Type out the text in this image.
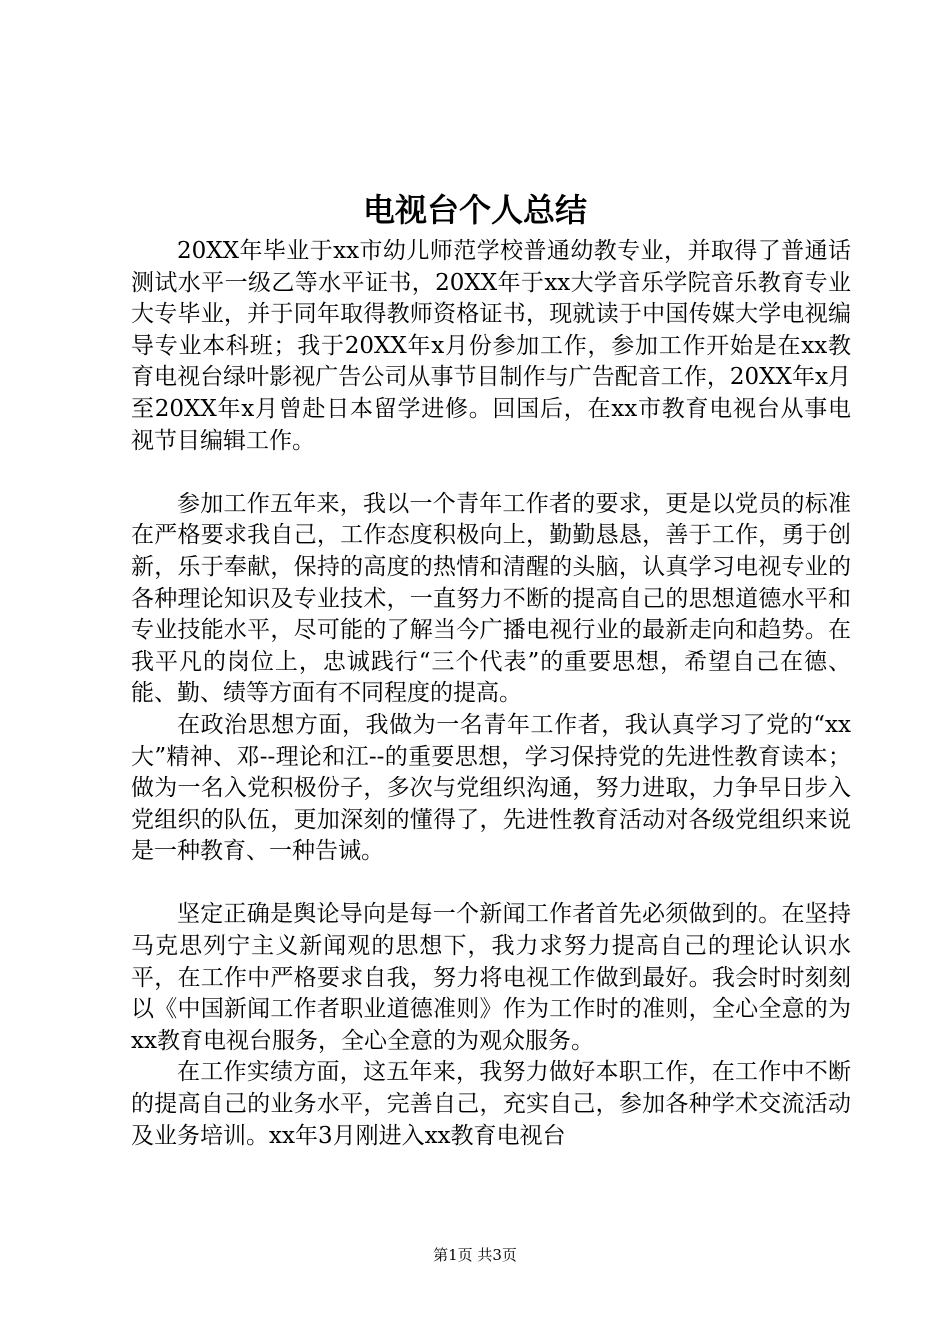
电视台个人总结

20XX年毕业于xx市幼儿师范学校普通幼教专业，并取得了普通话测试水平一级乙等水平证书，20XX年于xx大学音乐学院音乐教育专业大专毕业，并于同年取得教师资格证书，现就读于中国传媒大学电视编导专业本科班；我于20XX年x月份参加工作，参加工作开始是在xx教育电视台绿叶影视广告公司从事节目制作与广告配音工作，20XX年x月至20XX年x月曾赴日本留学进修。回国后，在xx市教育电视台从事电视节目编辑工作。

参加工作五年来，我以一个青年工作者的要求，更是以党员的标准在严格要求我自己，工作态度积极向上，勤勤恳恳，善于工作，勇于创新，乐于奉献，保持的高度的热情和清醒的头脑，认真学习电视专业的各种理论知识及专业技术，一直努力不断的提高自己的思想道德水平和专业技能水平，尽可能的了解当今广播电视行业的最新走向和趋势。在我平凡的岗位上，忠诚践行“三个代表”的重要思想，希望自己在德、能、勤、绩等方面有不同程度的提高。

在政治思想方面，我做为一名青年工作者，我认真学习了党的“xx大”精神、邓--理论和江--的重要思想，学习保持党的先进性教育读本；做为一名入党积极份子，多次与党组织沟通，努力进取，力争早日步入党组织的队伍，更加深刻的懂得了，先进性教育活动对各级党组织来说是一种教育、一种告诫。

坚定正确是舆论导向是每一个新闻工作者首先必须做到的。在坚持马克思列宁主义新闻观的思想下，我力求努力提高自己的理论认识水平，在工作中严格要求自我，努力将电视工作做到最好。我会时时刻刻以《中国新闻工作者职业道德准则》作为工作时的准则，全心全意的为xx教育电视台服务，全心全意的为观众服务。

在工作实绩方面，这五年来，我努力做好本职工作，在工作中不断的提高自己的业务水平，完善自己，充实自己，参加各种学术交流活动及业务培训。xx年3月刚进入xx教育电视台

第1页 共3页
